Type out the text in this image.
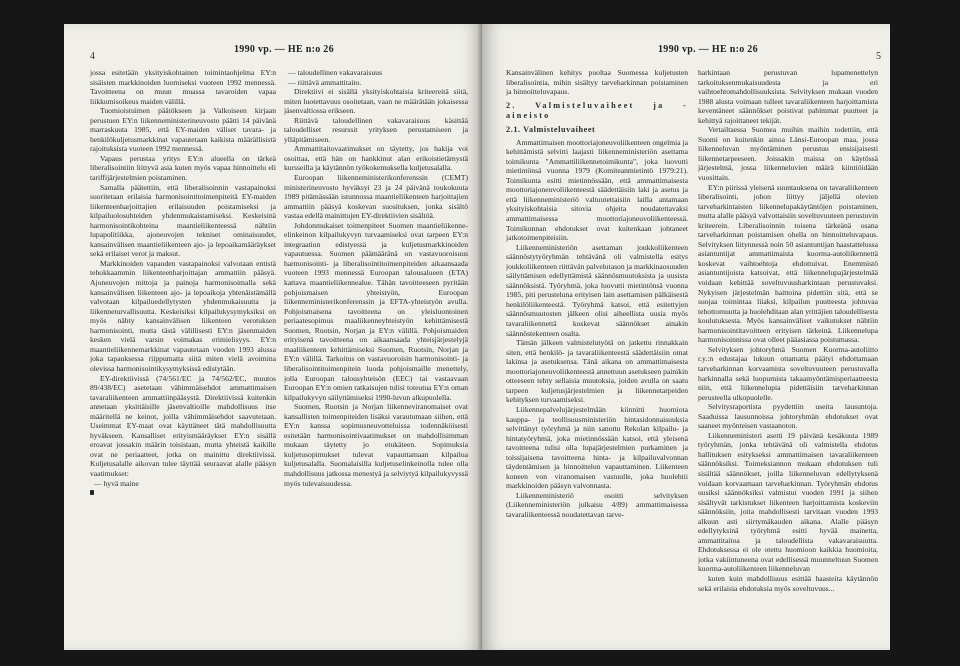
4
1990 vp. — HE n:o 26

jossa esitetään yksityiskohtainen toimintaohjelma EY:n sisäisten markkinoiden luomiseksi vuoteen 1992 mennessä. Tavoitteena on muun muassa tavaroiden vapaa liikkumisoikeus maiden välillä.

Tuomioistuimen päätökseen ja Valkoiseen kirjaan perustuen EY:n liikenneministerineuvosto päätti 14 päivänä marraskuuta 1985, että EY-maiden väliset tavara- ja henkilökuljetusmarkkinat vapautetaan kaikista määrällisistä rajoituksista vuoteen 1992 mennessä.

Vapaus perustaa yritys EY:n alueella on tärkeä liberalisointiin liittyvä asia kuten myös vapaa hinnoittelu eli tariffijärjestelmien poistaminen.

Samalla päätettiin, että liberalisoinnin vastapainoksi suoritetaan erilaisia harmonisointitoimenpiteitä EY-maiden liikenteenharjoittajien erilaisuuden poistamiseksi ja kilpailuolosuhteiden yhdenmukaistamiseksi. Keskeisinä harmonisointikohteina maantieliikenteessä nähtiin lupapolitiikka, ajoneuvojen tekniset ominaisuudet, kansainvälisen maantieliikenteen ajo- ja lepoaikamääräykset sekä erilaiset verot ja maksut.

Markkinoiden vapauden vastapainoksi valvotaan entistä tehokkaammin liikenteenharjoittajan ammattiin pääsyä. Ajoneuvojen mittoja ja painoja harmonisoimalla sekä kansainvälisen liikenteen ajo- ja lepoaikoja yhtenäistämällä valvotaan kilpailuedellytysten yhdenmukaisuutta ja liikenneturvallisuutta. Keskeisiksi kilpailukysymyksiksi on myös nähty kansainvälisen liikenteen verotuksen harmonisointi, mutta tästä välillisesti EY:n jäsenmaiden kesken vielä varsin voimakas erimielisyys. EY:n maantieliikennemarkkinat vapautetaan vuoden 1993 alussa joka tapauksessa riippumatta siitä miten vielä avoimina olevissa harmonisointikysymyksissä edistytään.

EY-direktiivissä (74/561/EC ja 74/562/EC, muutos 89/438/EC) asetetaan vähimmäisehdot ammattimaisen tavaraliikenteen ammattiinpääsystä. Direktiivissä kuitenkin annetaan yksittäisille jäsenvaltioille mahdollisuus itse määritellä ne keinot, joilla vähimmäisehdot saavutetaan. Useimmat EY-maat ovat käyttäneet tätä mahdollisuutta hyväkseen. Kansalliset erityismääräykset EY:n sisällä eroavat jossakin määrin toisistaan, mutta yhteistä kaikille ovat ne periaatteet, jotka on mainittu direktiivissä. Kuljetusalalle aikovan tulee täyttää seuraavat alalle pääsyn vaatimukset:

— hyvä maine

— taloudellinen vakavaraisuus

— riittävä ammattitaito.

Direktiivi ei sisällä yksityiskohtaisia kriteereitä siitä, miten luotettavuus osoitetaan, vaan ne määrätään jokaisessa jäsenvaltiossa erikseen.

Riittävä taloudellinen vakavaraisuus käsittää taloudelliset resurssit yrityksen perustamiseen ja ylläpitämiseen.

Ammattitaitovaatimukset on täytetty, jos hakija voi osoittaa, että hän on hankkinut alan erikoistietämystä kursseilla ja käytännön työkokemuksella kuljetusalalla.

Euroopan liikenneministerikonferenssin (CEMT) ministerineuvosto hyväksyi 23 ja 24 päivänä toukokuuta 1989 pitämässään istunnossa maantieliikenteen harjoittajien ammattiin pääsyä koskevan suosituksen, jonka sisältö vastaa edellä mainittujen EY-direktiivien sisältöä.

Johdonmukaiset toimenpiteet Suomen maantieliikenne-elinkeinon kilpailukyvyn turvaamiseksi ovat tarpeen EY:n integraation edistyessä ja kuljetusmarkkinoiden vapautuessa. Suomen päämääränä on vastavuoroisuus harmonisointi- ja liberalisointitoimenpiteiden aikaansaada vuoteen 1993 mennessä Euroopan talousalueen (ETA) kattava maantieliikennealue. Tähän tavoitteeseen pyritään pohjoismaisen yhteistyön, Euroopan liikenneministerikonferenssin ja EFTA-yhteistyön avulla. Pohjoismaisena tavoitteena on yleisluontoinen periaatesopimus maaliikenneyhteistyön kehittämisestä Suomen, Ruotsin, Norjan ja EY:n välillä. Pohjoismaiden erityisenä tavoitteena on aikaansaada yhteisjärjestelyjä maaliikenteen kehittämiseksi Suomen, Ruotsin, Norjan ja EY:n välillä. Tarkoitus on vastavuoroisin harmonisointi- ja liberalisointitoimenpitein luoda pohjoismaille menettely, jolla Euroopan talousyhteisön (EEC) tai vastaavaan Euroopan EY:n omien ratkaisujen tulisi toteutua EY:n oman kilpailukyvyn säilyttämiseksi 1990-luvun alkupuolella.

Suomen, Ruotsin ja Norjan liikenneviranomaiset ovat kansallisten toimenpiteiden lisäksi varautumaan siihen, että EY:n kanssa sopimusneuvotteluissa todennäköisesti esitetään harmonisointivaatimukset on mahdollisimman mukaan täytetty jo etukäteen. Sopimuksia kuljetusopimukset tulevat vapauttamaan kilpailua kuljetusalalla. Suomalaisilla kuljetuselinkeinolla tulee olla mahdollisuus jatkossa menestyä ja selviytyä kilpailukyvyssä myös tulevaisuudessa.

1990 vp. — HE n:o 26
5

Kansainvälinen kehitys puoltaa Suomessa kuljetusten liberalisointia, mihin sisältyy tarveharkinnan poistaminen ja hinnoitteluvapaus.

2. Valmisteluvaiheet ja -aineisto
2.1. Valmisteluvaiheet

Ammattimaisen moottoriajoneuvoliikenteen ongelmia ja kehittämistä selvitti laajasti liikenneministeriön asettama toimikunta "Ammattiliikennetoimikunta", joka luovutti mietintönsä vuonna 1979 (Komiteanmietintö 1979:21). Toimikunta esitti mietinnössään, että ammattimaisesta moottoriajoneuvoliikenteestä säädettäisiin laki ja asetus ja että liikenneministeriö valtuutettaisiin lailla antamaan yksityiskohtaisia sitovia ohjeita noudatettavaksi ammattimaisessa moottoriajoneuvoliikenteessä. Toimikunnan ehdotukset ovat kuitenkaan johtaneet jatkotoimenpiteisiin.

Liikenneministeriön asettaman joukkoliikenteen säännöstytyöryhmän tehtävänä oli valmistella esitys joukkoliikenteen riittävän palvelutason ja markkinaosuuden säilyttämisen edellyttämistä säännösmuutoksista ja uusista säännöksistä. Työryhmä, joka luovutti mietintönsä vuonna 1985, piti perusteluna erityisen lain asettamisen pälkäisestä henkilöliikenteestä. Työryhmä katsoi, että esitettyjen säännösmuutosten jälkeen olisi aiheellista uusia myös tavaraliikennettä koskevat säännökset ainakin säännöstekenteen osalta.

Tämän jälkeen valmistelutyötä on jatkettu rinnakkain siten, että henkilö- ja tavaraliikenteestä säädettäisiin omat lakinsa ja asetuksensa. Tänä aikana on ammattimaisesta moottoriajoneuvoliikenteestä annettuun asetukseen painikin otteeseen tehty sellaisia muutoksia, joiden avulla on saatu tarpeen kuljetusjärjestelmien ja liikennetarpeiden kehityksen turvaamiseksi.

Liikennepalvelujärjestelmään kiinnitti huomiota kauppa- ja teollisuusministeriön hintasidonnaisuuksia selvittänyt työryhmä ja niin sanottu Rekolan kilpailu- ja hintatyöryhmä, joka mietinnössään katsoi, että yleisenä tavoitteena tulisi olla lupajärjestelmien purkaminen ja toissijaisena tavoitteena hinta- ja kilpailuvalvonnan täydentämisen ja hinnoittelun vapauttaminen. Liikenteen koneen von viranomaisen vastuulle, joka huolehtii markkinoiden pääsyn valvonnasta.

Liikenneministeriö osoitti selvityksen (Liikenneministeriön julkaisu 4/89) ammattimaisessa tavaraliikenteessä noudatettavan tarve-

harkintaan perustuvan lupamenettelyn tarkoituksenmukaisuudesta ja eri vaihtoehtomahdollisuuksista. Selvityksen mukaan vuoden 1988 alusta voimaan tulleet tavaraliikenteen harjoittamista keventäneet säännökset poistivat pahimmat puutteet ja kehittyä rajoittaneet tekijät.

Vertailtaessa Suomea muihin maihin todettiin, että Suomi on kuitenkin ainoa Länsi-Euroopan maa, jossa liikenneluvan myöntäminen perustuu ensisijaisesti liikennetarpeeseen. Joissakin maissa on käytössä järjestelmä, jossa liikenneluvien määrä kiintiöidään vuosittain.

EY:n piirissä yleisenä suuntauksena on tavaraliikenteen liberalisointi, johon liittyy jäljellä olevien tarveharkintaisten liikennelupakäytäntöjen poistaminen, mutta alalle pääsyä valvottaisiin soveltuvuuteen perustuvin kriteerein. Liberalisoinnin toisena tärkeänä osana tarveharkinnan poistamisen ohella on hinnoitteluvapaus. Selvityksen liitynnessä noin 50 asiantuntijan haastattelussa asiantuntijat ammattimaista kuorma-autoliikennettä koskevat vaihtoehtoja ehdottuivat. Enemmistö asiantuntijoista katsoivat, että liikennelupajärjestelmää voidaan kehittää soveltuvuusharkintaan perustuvaksi. Nykyisen järjestelmän haittoina pidettiin sitä, että se suojaa toimintaa liiaksi, kilpailun puutteesta johtuvaa tehottomuutta ja huolehditaan alan yrittäjien taloudellisesta koulutuksesta. Myös kansainväliset vaikutukset nähtiin harmonisointitavoitteen erityisen tärkeinä. Liikennelupa harmonisoinnissa ovat olleet pääasiassa poistumassa.

Selvityksen johtoryhmä Suomen Kuorma-autoliitto r.y.:n edustajaa lukuun ottamatta päätyi ehdottamaan tarveharkinnan korvaamista soveltuvuuteen perustuvalla harkinnalla sekä luopumista takaamyöntämisperiaatteesta niin, että liikennelupia pidettäisiin tarveharkinnan perusteella ulkopuolelle.

Selvitysraportista pyydettiin useita lausuntoja. Saaduissa lausunnoissa johtoryhmän ehdotukset ovat saaneet myönteisen vastaanoton.

Liikenneministeri asetti 19 päivänä kesäkuuta 1989 työryhmän, jonka tehtävänä oli valmistella ehdotus hallituksen esitykseksi ammattimaisen tavaraliikenteen säännöksiksi. Toimeksiannon mukaan ehdotuksen tuli sisältää säännökset, joilla liikenneluvan edellytyksenä voidaan korvaamaan tarveharkinnan. Työryhmän ehdotus uusiksi säännöksiksi valmistui vuoden 1991 ja siihen sisältyvät tarkistukset liikenteen harjoittamista koskeviin säännöksiin, joita mahdollisesti tarvitaan vuoden 1993 alkuun asti siirtymäkauden aikana. Alalle pääsyn edellytyksinä työryhmä esitti hyvää mainetta, ammattitaitoa ja taloudellista vakavaraisuutta. Ehdotuksessa ei ole otettu huomioon kaikkia huomioita, jotka vakiintuneena ovat edellisessä muunneltuun Suomen kuorma-autoliikenteen liikenneluvan

kuten kuin mahdollisuus esittää haasteita käytännön sekä erilaisia ehdotuksia myös soveltuvuus...
